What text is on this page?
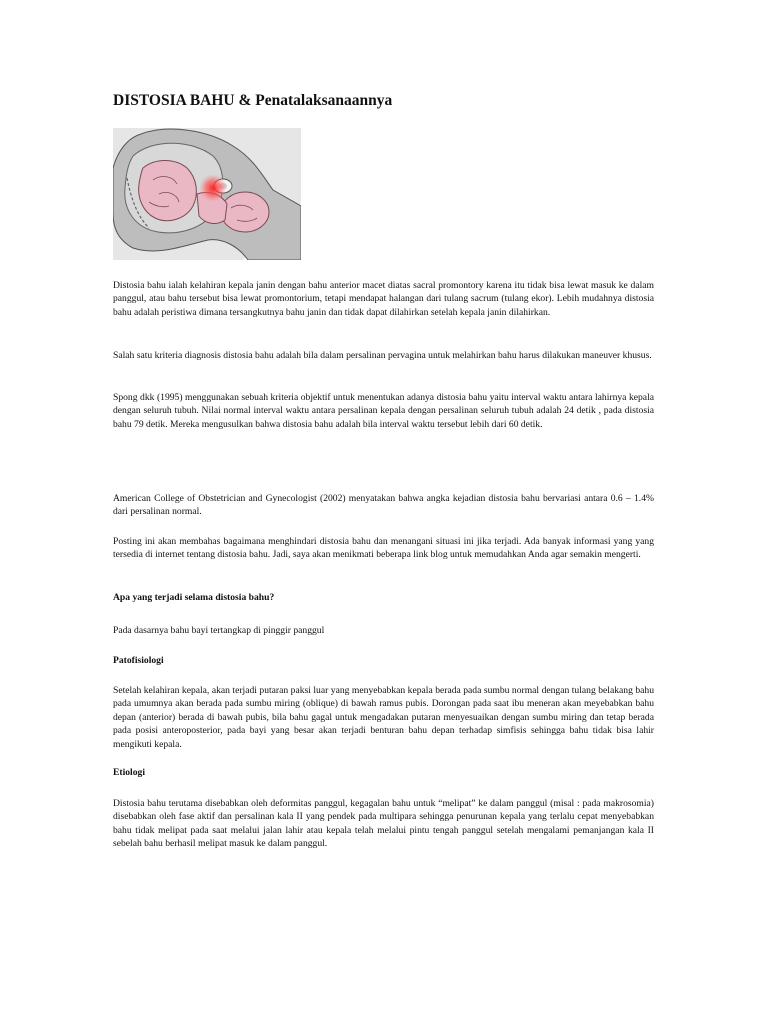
DISTOSIA BAHU & Penatalaksanaannya

Distosia bahu ialah kelahiran kepala janin dengan bahu anterior macet diatas sacral promontory karena itu tidak bisa lewat masuk ke dalam panggul, atau bahu tersebut bisa lewat promontorium, tetapi mendapat halangan dari tulang sacrum (tulang ekor). Lebih mudahnya distosia bahu adalah peristiwa dimana tersangkutnya bahu janin dan tidak dapat dilahirkan setelah kepala janin dilahirkan.

Salah satu kriteria diagnosis distosia bahu adalah bila dalam persalinan pervagina untuk melahirkan bahu harus dilakukan maneuver khusus.

Spong dkk (1995) menggunakan sebuah kriteria objektif untuk menentukan adanya distosia bahu yaitu interval waktu antara lahirnya kepala dengan seluruh tubuh. Nilai normal interval waktu antara persalinan kepala dengan persalinan seluruh tubuh adalah 24 detik , pada distosia bahu 79 detik. Mereka mengusulkan bahwa distosia bahu adalah bila interval waktu tersebut lebih dari 60 detik.

American College of Obstetrician and Gynecologist (2002) menyatakan bahwa angka kejadian distosia bahu bervariasi antara 0.6 – 1.4% dari persalinan normal.

Posting ini akan membahas bagaimana menghindari distosia bahu dan menangani situasi ini jika terjadi. Ada banyak informasi yang yang tersedia di internet tentang distosia bahu. Jadi, saya akan menikmati beberapa link blog untuk memudahkan Anda agar semakin mengerti.

Apa yang terjadi selama distosia bahu?

Pada dasarnya bahu bayi tertangkap di pinggir panggul

Patofisiologi

Setelah kelahiran kepala, akan terjadi putaran paksi luar yang menyebabkan kepala berada pada sumbu normal dengan tulang belakang bahu pada umumnya akan berada pada sumbu miring (oblique) di bawah ramus pubis. Dorongan pada saat ibu meneran akan meyebabkan bahu depan (anterior) berada di bawah pubis, bila bahu gagal untuk mengadakan putaran menyesuaikan dengan sumbu miring dan tetap berada pada posisi anteroposterior, pada bayi yang besar akan terjadi benturan bahu depan terhadap simfisis sehingga bahu tidak bisa lahir mengikuti kepala.

Etiologi

Distosia bahu terutama disebabkan oleh deformitas panggul, kegagalan bahu untuk “melipat” ke dalam panggul (misal : pada makrosomia) disebabkan oleh fase aktif dan persalinan kala II yang pendek pada multipara sehingga penurunan kepala yang terlalu cepat menyebabkan bahu tidak melipat pada saat melalui jalan lahir atau kepala telah melalui pintu tengah panggul setelah mengalami pemanjangan kala II sebelah bahu berhasil melipat masuk ke dalam panggul.
